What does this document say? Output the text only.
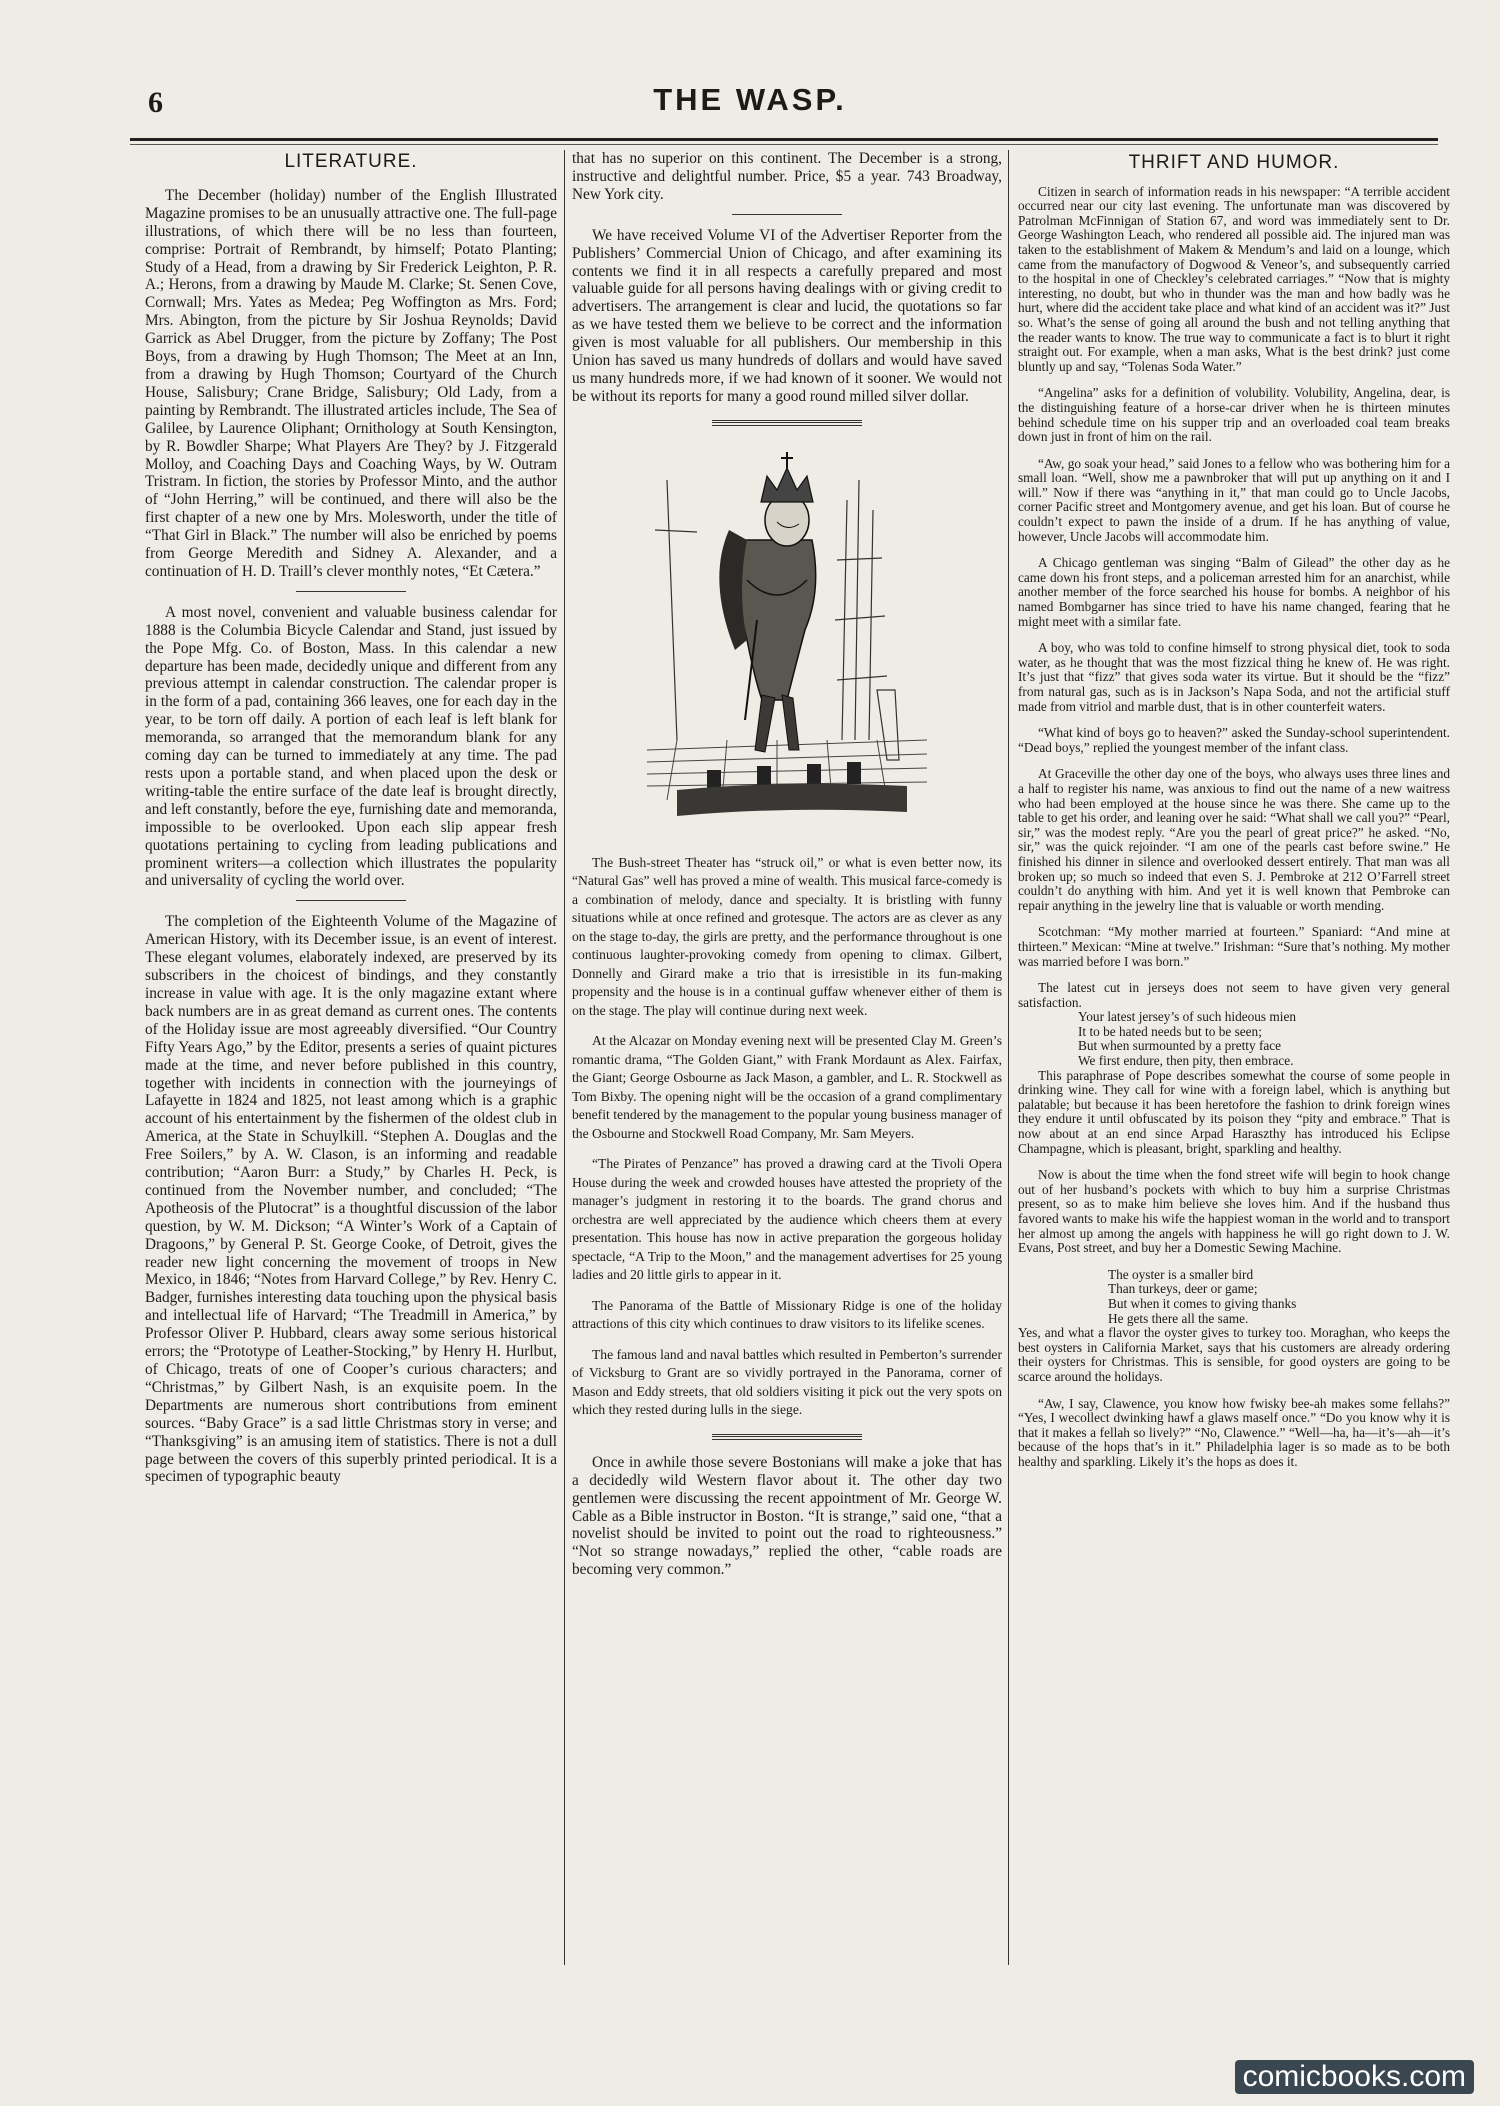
6	THE WASP.
LITERATURE.

The December (holiday) number of the English Illustrated Magazine promises to be an unusually attractive one. The full-page illustrations, of which there will be no less than fourteen, comprise: Portrait of Rembrandt, by himself; Potato Planting; Study of a Head, from a drawing by Sir Frederick Leighton, P. R. A.; Herons, from a drawing by Maude M. Clarke; St. Senen Cove, Cornwall; Mrs. Yates as Medea; Peg Woffington as Mrs. Ford; Mrs. Abington, from the picture by Sir Joshua Reynolds; David Garrick as Abel Drugger, from the picture by Zoffany; The Post Boys, from a drawing by Hugh Thomson; The Meet at an Inn, from a drawing by Hugh Thomson; Courtyard of the Church House, Salisbury; Crane Bridge, Salisbury; Old Lady, from a painting by Rembrandt. The illustrated articles include, The Sea of Galilee, by Laurence Oliphant; Ornithology at South Kensington, by R. Bowdler Sharpe; What Players Are They? by J. Fitzgerald Molloy, and Coaching Days and Coaching Ways, by W. Outram Tristram. In fiction, the stories by Professor Minto, and the author of “John Herring,” will be continued, and there will also be the first chapter of a new one by Mrs. Molesworth, under the title of “That Girl in Black.” The number will also be enriched by poems from George Meredith and Sidney A. Alexander, and a continuation of H. D. Traill’s clever monthly notes, “Et Cætera.”

A most novel, convenient and valuable business calendar for 1888 is the Columbia Bicycle Calendar and Stand, just issued by the Pope Mfg. Co. of Boston, Mass. In this calendar a new departure has been made, decidedly unique and different from any previous attempt in calendar construction. The calendar proper is in the form of a pad, containing 366 leaves, one for each day in the year, to be torn off daily. A portion of each leaf is left blank for memoranda, so arranged that the memorandum blank for any coming day can be turned to immediately at any time. The pad rests upon a portable stand, and when placed upon the desk or writing-table the entire surface of the date leaf is brought directly, and left constantly, before the eye, furnishing date and memoranda, impossible to be overlooked. Upon each slip appear fresh quotations pertaining to cycling from leading publications and prominent writers—a collection which illustrates the popularity and universality of cycling the world over.

The completion of the Eighteenth Volume of the Magazine of American History, with its December issue, is an event of interest. These elegant volumes, elaborately indexed, are preserved by its subscribers in the choicest of bindings, and they constantly increase in value with age. It is the only magazine extant where back numbers are in as great demand as current ones. The contents of the Holiday issue are most agreeably diversified. “Our Country Fifty Years Ago,” by the Editor, presents a series of quaint pictures made at the time, and never before published in this country, together with incidents in connection with the journeyings of Lafayette in 1824 and 1825, not least among which is a graphic account of his entertainment by the fishermen of the oldest club in America, at the State in Schuylkill. “Stephen A. Douglas and the Free Soilers,” by A. W. Clason, is an informing and readable contribution; “Aaron Burr: a Study,” by Charles H. Peck, is continued from the November number, and concluded; “The Apotheosis of the Plutocrat” is a thoughtful discussion of the labor question, by W. M. Dickson; “A Winter’s Work of a Captain of Dragoons,” by General P. St. George Cooke, of Detroit, gives the reader new light concerning the movement of troops in New Mexico, in 1846; “Notes from Harvard College,” by Rev. Henry C. Badger, furnishes interesting data touching upon the physical basis and intellectual life of Harvard; “The Treadmill in America,” by Professor Oliver P. Hubbard, clears away some serious historical errors; the “Prototype of Leather-Stocking,” by Henry H. Hurlbut, of Chicago, treats of one of Cooper’s curious characters; and “Christmas,” by Gilbert Nash, is an exquisite poem. In the Departments are numerous short contributions from eminent sources. “Baby Grace” is a sad little Christmas story in verse; and “Thanksgiving” is an amusing item of statistics. There is not a dull page between the covers of this superbly printed periodical. It is a specimen of typographic beauty

that has no superior on this continent. The December is a strong, instructive and delightful number. Price, $5 a year. 743 Broadway, New York city.

We have received Volume VI of the Advertiser Reporter from the Publishers’ Commercial Union of Chicago, and after examining its contents we find it in all respects a carefully prepared and most valuable guide for all persons having dealings with or giving credit to advertisers. The arrangement is clear and lucid, the quotations so far as we have tested them we believe to be correct and the information given is most valuable for all publishers. Our membership in this Union has saved us many hundreds of dollars and would have saved us many hundreds more, if we had known of it sooner. We would not be without its reports for many a good round milled silver dollar.

The Bush-street Theater has “struck oil,” or what is even better now, its “Natural Gas” well has proved a mine of wealth. This musical farce-comedy is a combination of melody, dance and specialty. It is bristling with funny situations while at once refined and grotesque. The actors are as clever as any on the stage to-day, the girls are pretty, and the performance throughout is one continuous laughter-provoking comedy from opening to climax. Gilbert, Donnelly and Girard make a trio that is irresistible in its fun-making propensity and the house is in a continual guffaw whenever either of them is on the stage. The play will continue during next week.

At the Alcazar on Monday evening next will be presented Clay M. Green’s romantic drama, “The Golden Giant,” with Frank Mordaunt as Alex. Fairfax, the Giant; George Osbourne as Jack Mason, a gambler, and L. R. Stockwell as Tom Bixby. The opening night will be the occasion of a grand complimentary benefit tendered by the management to the popular young business manager of the Osbourne and Stockwell Road Company, Mr. Sam Meyers.

“The Pirates of Penzance” has proved a drawing card at the Tivoli Opera House during the week and crowded houses have attested the propriety of the manager’s judgment in restoring it to the boards. The grand chorus and orchestra are well appreciated by the audience which cheers them at every presentation. This house has now in active preparation the gorgeous holiday spectacle, “A Trip to the Moon,” and the management advertises for 25 young ladies and 20 little girls to appear in it.

The Panorama of the Battle of Missionary Ridge is one of the holiday attractions of this city which continues to draw visitors to its lifelike scenes.

The famous land and naval battles which resulted in Pemberton’s surrender of Vicksburg to Grant are so vividly portrayed in the Panorama, corner of Mason and Eddy streets, that old soldiers visiting it pick out the very spots on which they rested during lulls in the siege.

Once in awhile those severe Bostonians will make a joke that has a decidedly wild Western flavor about it. The other day two gentlemen were discussing the recent appointment of Mr. George W. Cable as a Bible instructor in Boston. “It is strange,” said one, “that a novelist should be invited to point out the road to righteousness.” “Not so strange nowadays,” replied the other, “cable roads are becoming very common.”

THRIFT AND HUMOR.

Citizen in search of information reads in his newspaper: “A terrible accident occurred near our city last evening. The unfortunate man was discovered by Patrolman McFinnigan of Station 67, and word was immediately sent to Dr. George Washington Leach, who rendered all possible aid. The injured man was taken to the establishment of Makem & Mendum’s and laid on a lounge, which came from the manufactory of Dogwood & Veneor’s, and subsequently carried to the hospital in one of Checkley’s celebrated carriages.” “Now that is mighty interesting, no doubt, but who in thunder was the man and how badly was he hurt, where did the accident take place and what kind of an accident was it?” Just so. What’s the sense of going all around the bush and not telling anything that the reader wants to know. The true way to communicate a fact is to blurt it right straight out. For example, when a man asks, What is the best drink? just come bluntly up and say, “Tolenas Soda Water.”

“Angelina” asks for a definition of volubility. Volubility, Angelina, dear, is the distinguishing feature of a horse-car driver when he is thirteen minutes behind schedule time on his supper trip and an overloaded coal team breaks down just in front of him on the rail.

“Aw, go soak your head,” said Jones to a fellow who was bothering him for a small loan. “Well, show me a pawnbroker that will put up anything on it and I will.” Now if there was “anything in it,” that man could go to Uncle Jacobs, corner Pacific street and Montgomery avenue, and get his loan. But of course he couldn’t expect to pawn the inside of a drum. If he has anything of value, however, Uncle Jacobs will accommodate him.

A Chicago gentleman was singing “Balm of Gilead” the other day as he came down his front steps, and a policeman arrested him for an anarchist, while another member of the force searched his house for bombs. A neighbor of his named Bombgarner has since tried to have his name changed, fearing that he might meet with a similar fate.

A boy, who was told to confine himself to strong physical diet, took to soda water, as he thought that was the most fizzical thing he knew of. He was right. It’s just that “fizz” that gives soda water its virtue. But it should be the “fizz” from natural gas, such as is in Jackson’s Napa Soda, and not the artificial stuff made from vitriol and marble dust, that is in other counterfeit waters.

“What kind of boys go to heaven?” asked the Sunday-school superintendent. “Dead boys,” replied the youngest member of the infant class.

At Graceville the other day one of the boys, who always uses three lines and a half to register his name, was anxious to find out the name of a new waitress who had been employed at the house since he was there. She came up to the table to get his order, and leaning over he said: “What shall we call you?” “Pearl, sir,” was the modest reply. “Are you the pearl of great price?” he asked. “No, sir,” was the quick rejoinder. “I am one of the pearls cast before swine.” He finished his dinner in silence and overlooked dessert entirely. That man was all broken up; so much so indeed that even S. J. Pembroke at 212 O’Farrell street couldn’t do anything with him. And yet it is well known that Pembroke can repair anything in the jewelry line that is valuable or worth mending.

Scotchman: “My mother married at fourteen.” Spaniard: “And mine at thirteen.” Mexican: “Mine at twelve.” Irishman: “Sure that’s nothing. My mother was married before I was born.”

The latest cut in jerseys does not seem to have given very general satisfaction.

Your latest jersey’s of such hideous mien

It to be hated needs but to be seen;

But when surmounted by a pretty face

We first endure, then pity, then embrace.

This paraphrase of Pope describes somewhat the course of some people in drinking wine. They call for wine with a foreign label, which is anything but palatable; but because it has been heretofore the fashion to drink foreign wines they endure it until obfuscated by its poison they “pity and embrace.” That is now about at an end since Arpad Haraszthy has introduced his Eclipse Champagne, which is pleasant, bright, sparkling and healthy.

Now is about the time when the fond street wife will begin to hook change out of her husband’s pockets with which to buy him a surprise Christmas present, so as to make him believe she loves him. And if the husband thus favored wants to make his wife the happiest woman in the world and to transport her almost up among the angels with happiness he will go right down to J. W. Evans, Post street, and buy her a Domestic Sewing Machine.

The oyster is a smaller bird

Than turkeys, deer or game;

But when it comes to giving thanks

He gets there all the same.

Yes, and what a flavor the oyster gives to turkey too. Moraghan, who keeps the best oysters in California Market, says that his customers are already ordering their oysters for Christmas. This is sensible, for good oysters are going to be scarce around the holidays.

“Aw, I say, Clawence, you know how fwisky bee-ah makes some fellahs?” “Yes, I wecollect dwinking hawf a glaws maself once.” “Do you know why it is that it makes a fellah so lively?” “No, Clawence.” “Well—ha, ha—it’s—ah—it’s because of the hops that’s in it.” Philadelphia lager is so made as to be both healthy and sparkling. Likely it’s the hops as does it.

comicbooks.com
